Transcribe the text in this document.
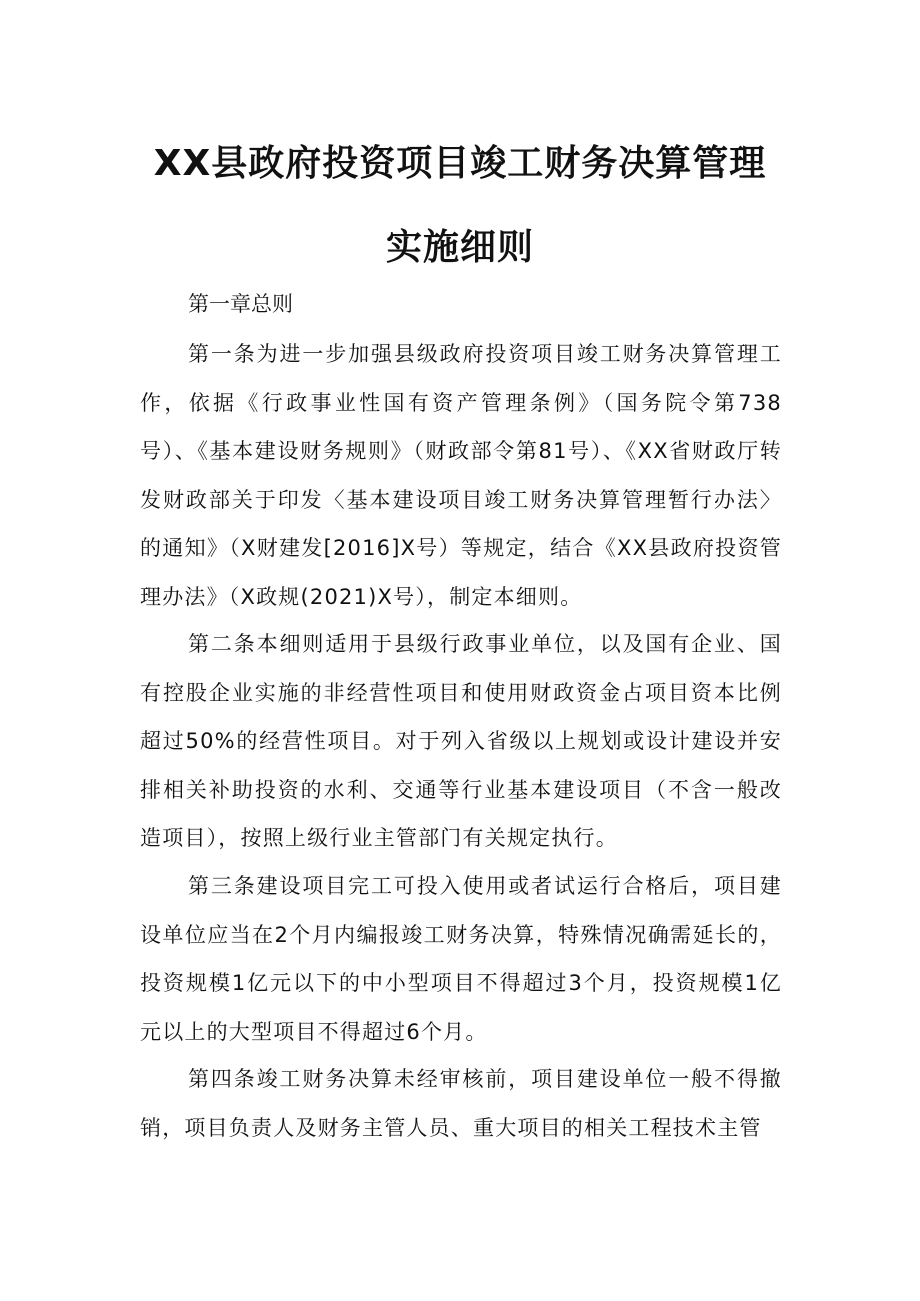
XX县政府投资项目竣工财务决算管理
实施细则
第一章总则

第一条为进一步加强县级政府投资项目竣工财务决算管理工作，依据《行政事业性国有资产管理条例》（国务院令第738号）、《基本建设财务规则》（财政部令第81号）、《XX省财政厅转发财政部关于印发〈基本建设项目竣工财务决算管理暂行办法〉的通知》（X财建发[2016]X号）等规定，结合《XX县政府投资管理办法》（X政规(2021)X号），制定本细则。

第二条本细则适用于县级行政事业单位，以及国有企业、国有控股企业实施的非经营性项目和使用财政资金占项目资本比例超过50%的经营性项目。对于列入省级以上规划或设计建设并安排相关补助投资的水利、交通等行业基本建设项目（不含一般改造项目），按照上级行业主管部门有关规定执行。

第三条建设项目完工可投入使用或者试运行合格后，项目建设单位应当在2个月内编报竣工财务决算，特殊情况确需延长的，投资规模1亿元以下的中小型项目不得超过3个月，投资规模1亿元以上的大型项目不得超过6个月。

第四条竣工财务决算未经审核前，项目建设单位一般不得撤销，项目负责人及财务主管人员、重大项目的相关工程技术主管
